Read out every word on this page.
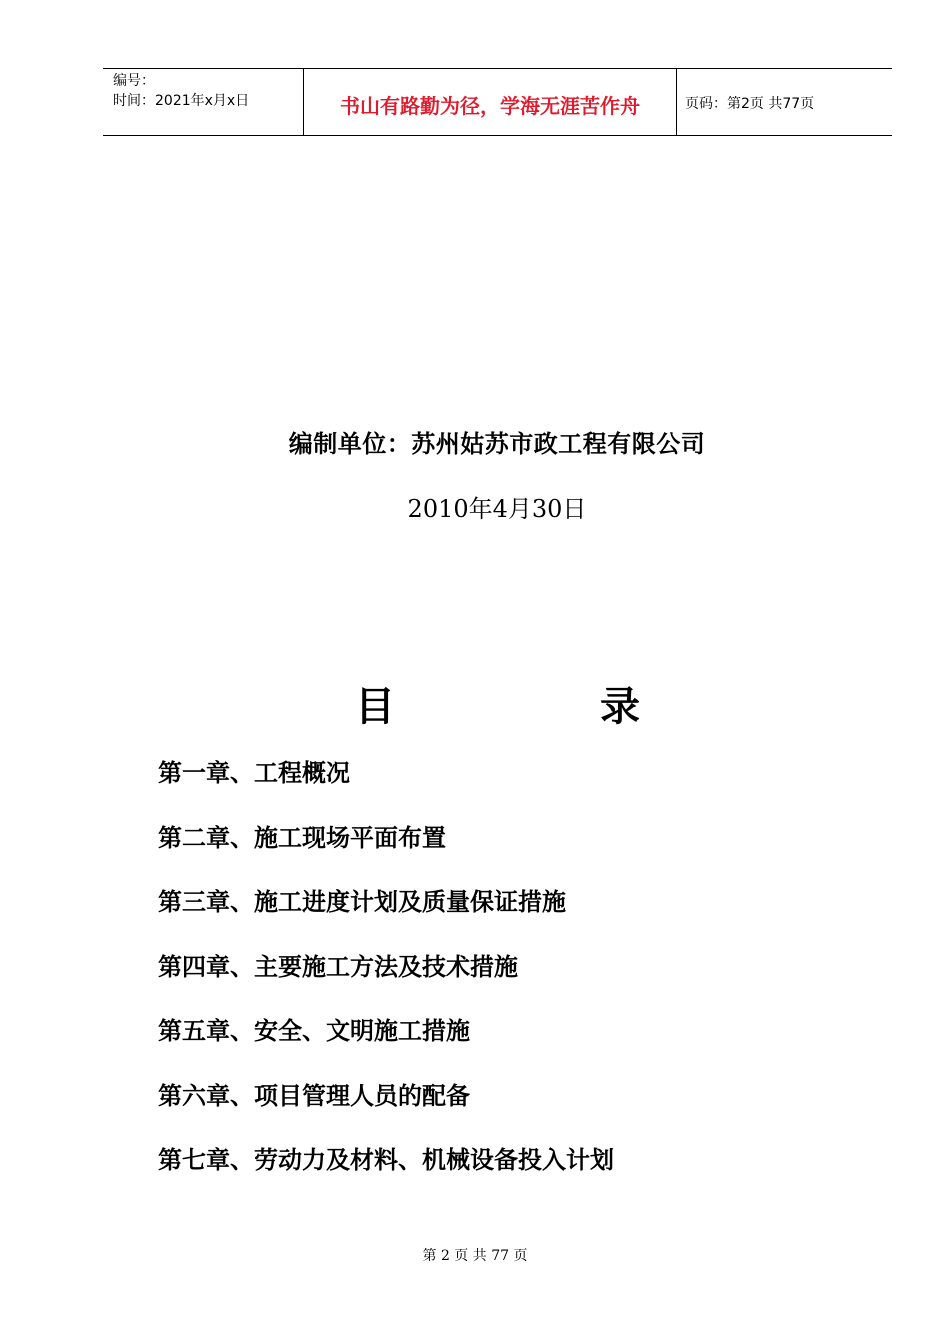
编号：
时间：2021年x月x日	书山有路勤为径，学海无涯苦作舟	页码：第2页 共77页
编制单位：苏州姑苏市政工程有限公司
2010年4月30日
目	录
第一章、工程概况
第二章、施工现场平面布置
第三章、施工进度计划及质量保证措施
第四章、主要施工方法及技术措施
第五章、安全、文明施工措施
第六章、项目管理人员的配备
第七章、劳动力及材料、机械设备投入计划
第 2 页 共 77 页
